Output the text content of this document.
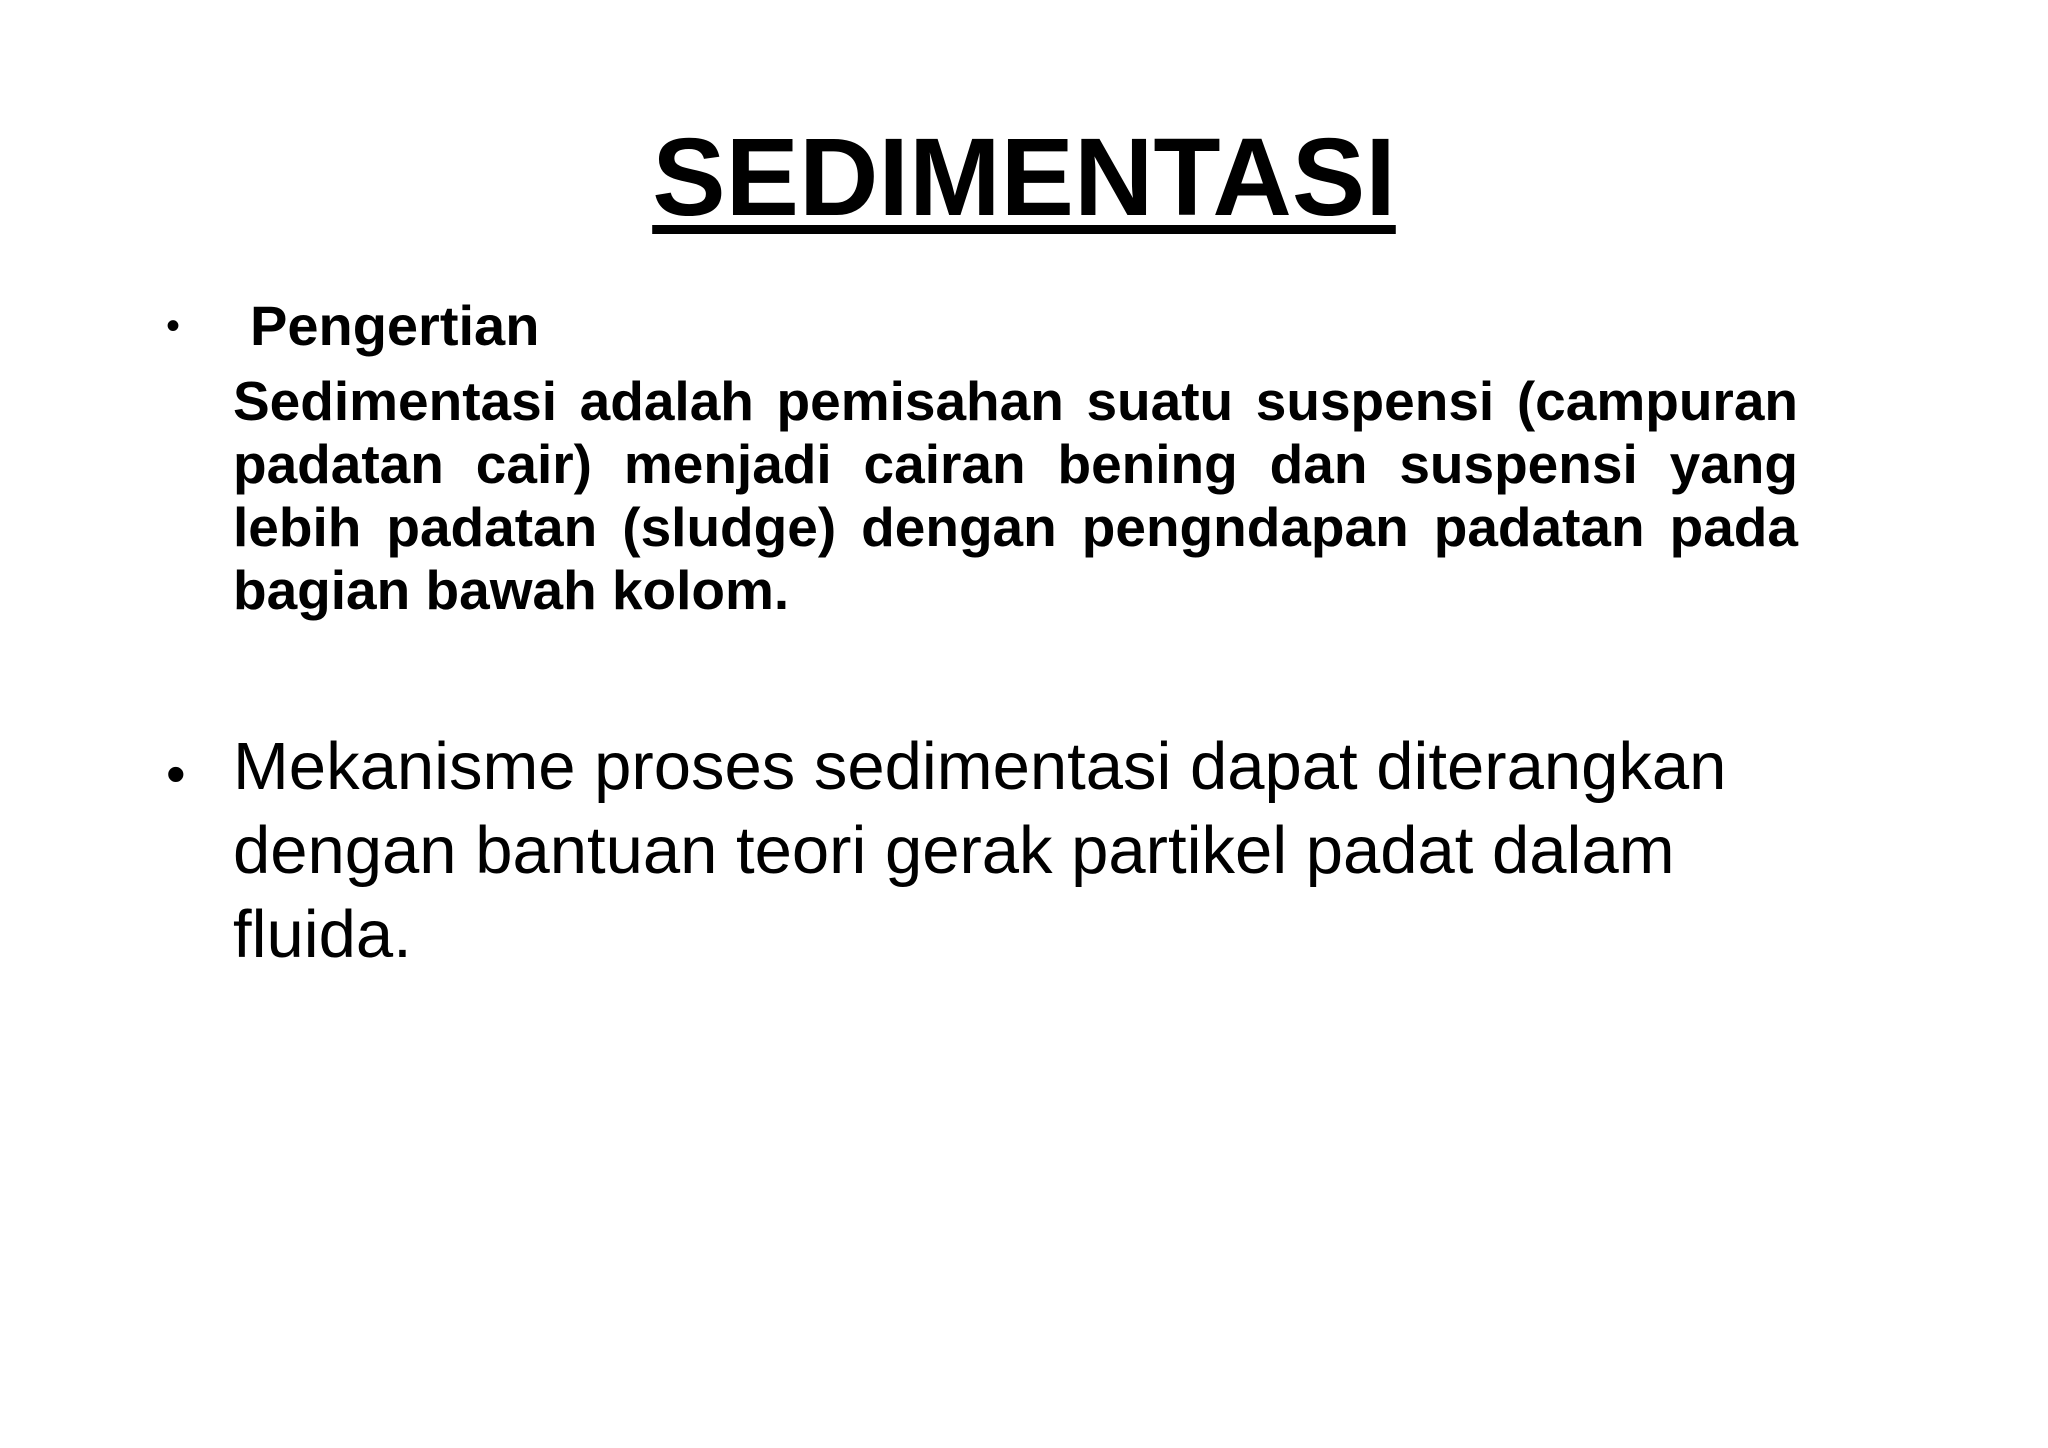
SEDIMENTASI
• Pengertian

Sedimentasi adalah pemisahan suatu suspensi (campuran padatan cair) menjadi cairan bening dan suspensi yang lebih padatan (sludge) dengan pengndapan padatan pada bagian bawah kolom.

• Mekanisme proses sedimentasi dapat diterangkan dengan bantuan teori gerak partikel padat dalam fluida.
